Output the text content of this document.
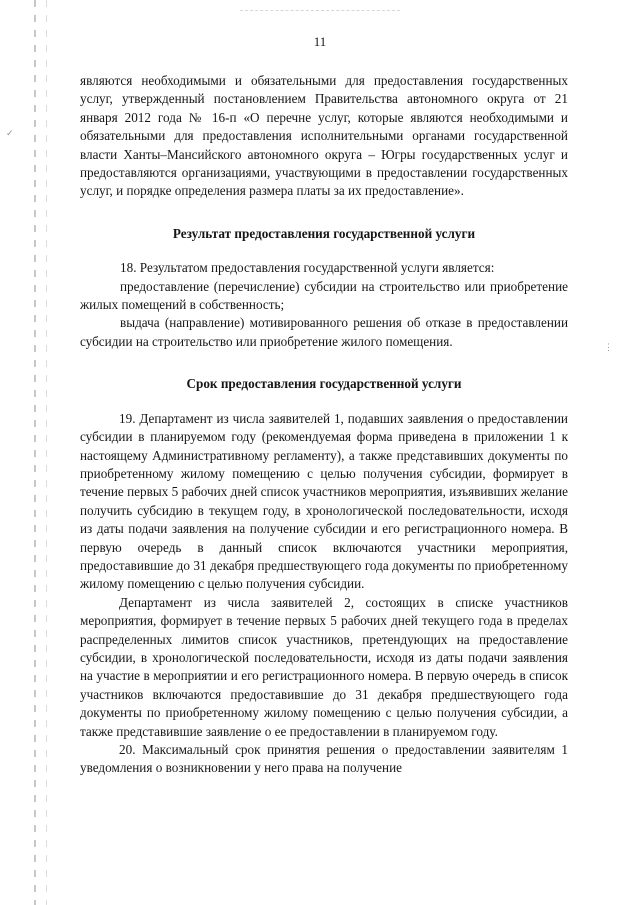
✓
⋮
11

являются необходимыми и обязательными для предоставления государственных услуг, утвержденный постановлением Правительства автономного округа от 21 января 2012 года № 16-п «О перечне услуг, которые являются необходимыми и обязательными для предоставления исполнительными органами государственной власти Ханты–Мансийского автономного округа – Югры государственных услуг и предоставляются организациями, участвующими в предоставлении государственных услуг, и порядке определения размера платы за их предоставление».

Результат предоставления государственной услуги

18. Результатом предоставления государственной услуги является:

предоставление (перечисление) субсидии на строительство или приобретение жилых помещений в собственность;

выдача (направление) мотивированного решения об отказе в предоставлении субсидии на строительство или приобретение жилого помещения.

Срок предоставления государственной услуги

19. Департамент из числа заявителей 1, подавших заявления о предоставлении субсидии в планируемом году (рекомендуемая форма приведена в приложении 1 к настоящему Административному регламенту), а также представивших документы по приобретенному жилому помещению с целью получения субсидии, формирует в течение первых 5 рабочих дней список участников мероприятия, изъявивших желание получить субсидию в текущем году, в хронологической последовательности, исходя из даты подачи заявления на получение субсидии и его регистрационного номера. В первую очередь в данный список включаются участники мероприятия, предоставившие до 31 декабря предшествующего года документы по приобретенному жилому помещению с целью получения субсидии.

Департамент из числа заявителей 2, состоящих в списке участников мероприятия, формирует в течение первых 5 рабочих дней текущего года в пределах распределенных лимитов список участников, претендующих на предоставление субсидии, в хронологической последовательности, исходя из даты подачи заявления на участие в мероприятии и его регистрационного номера. В первую очередь в список участников включаются предоставившие до 31 декабря предшествующего года документы по приобретенному жилому помещению с целью получения субсидии, а также представившие заявление о ее предоставлении в планируемом году.

20. Максимальный срок принятия решения о предоставлении заявителям 1 уведомления о возникновении у него права на получение
